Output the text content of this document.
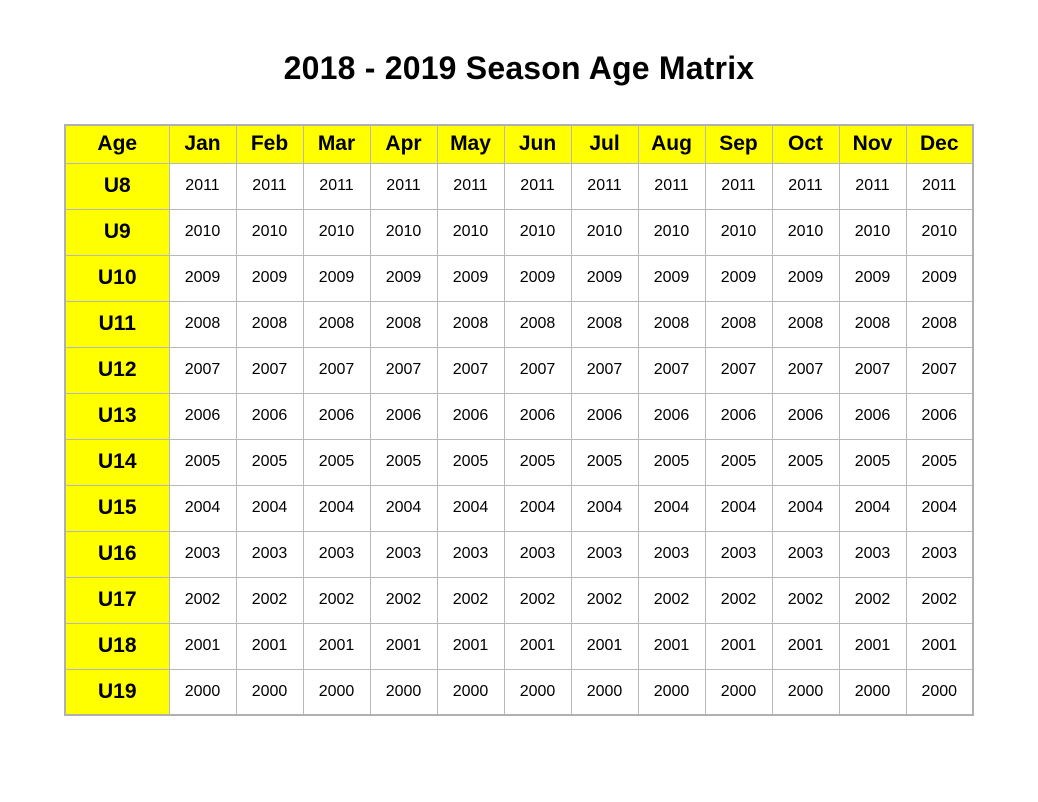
2018 - 2019 Season Age Matrix
Age	Jan	Feb	Mar	Apr	May	Jun	Jul	Aug	Sep	Oct	Nov	Dec
U8	2011	2011	2011	2011	2011	2011	2011	2011	2011	2011	2011	2011
U9	2010	2010	2010	2010	2010	2010	2010	2010	2010	2010	2010	2010
U10	2009	2009	2009	2009	2009	2009	2009	2009	2009	2009	2009	2009
U11	2008	2008	2008	2008	2008	2008	2008	2008	2008	2008	2008	2008
U12	2007	2007	2007	2007	2007	2007	2007	2007	2007	2007	2007	2007
U13	2006	2006	2006	2006	2006	2006	2006	2006	2006	2006	2006	2006
U14	2005	2005	2005	2005	2005	2005	2005	2005	2005	2005	2005	2005
U15	2004	2004	2004	2004	2004	2004	2004	2004	2004	2004	2004	2004
U16	2003	2003	2003	2003	2003	2003	2003	2003	2003	2003	2003	2003
U17	2002	2002	2002	2002	2002	2002	2002	2002	2002	2002	2002	2002
U18	2001	2001	2001	2001	2001	2001	2001	2001	2001	2001	2001	2001
U19	2000	2000	2000	2000	2000	2000	2000	2000	2000	2000	2000	2000
